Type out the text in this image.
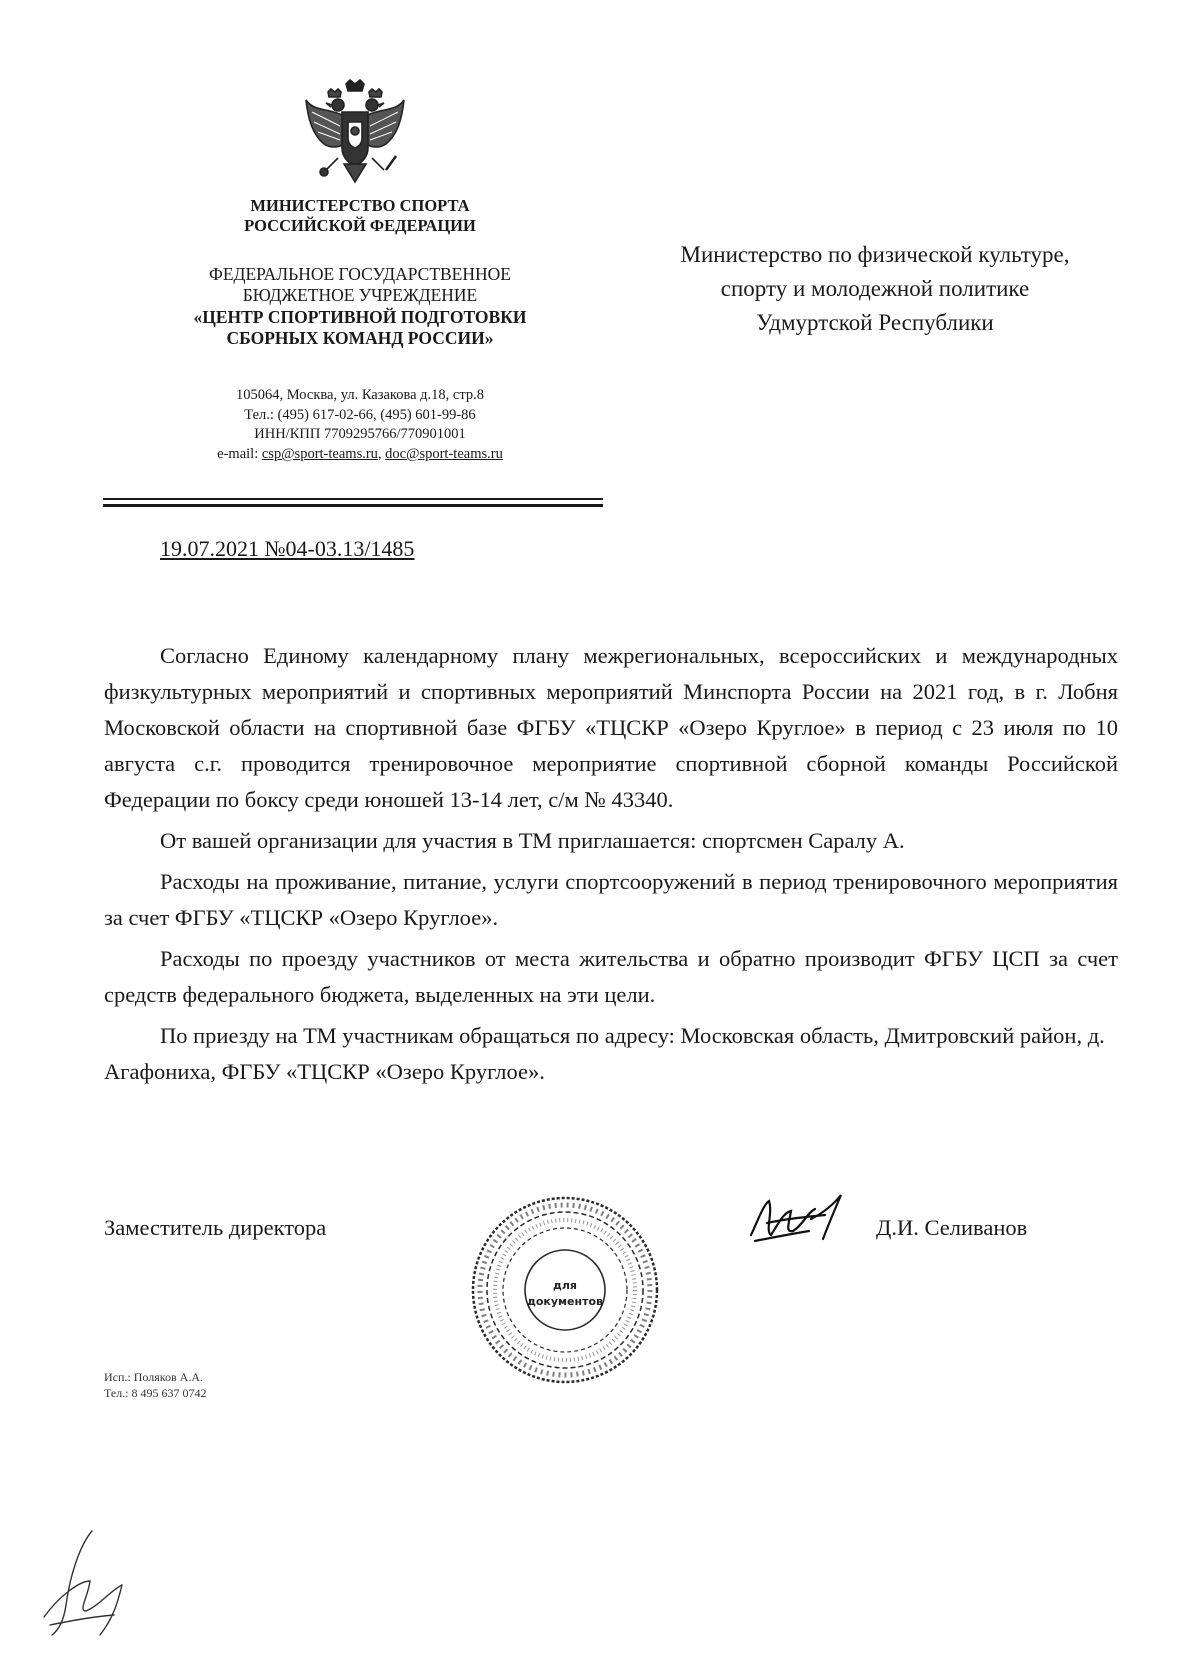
МИНИСТЕРСТВО СПОРТА
РОССИЙСКОЙ ФЕДЕРАЦИИ
ФЕДЕРАЛЬНОЕ ГОСУДАРСТВЕННОЕ
БЮДЖЕТНОЕ УЧРЕЖДЕНИЕ
«ЦЕНТР СПОРТИВНОЙ ПОДГОТОВКИ
СБОРНЫХ КОМАНД РОССИИ»
105064, Москва, ул. Казакова д.18, стр.8
Тел.: (495) 617-02-66, (495) 601-99-86
ИНН/КПП 7709295766/770901001
e-mail: csp@sport-teams.ru, doc@sport-teams.ru
Министерство по физической культуре,
спорту и молодежной политике
Удмуртской Республики
19.07.2021 №04-03.13/1485

Согласно Единому календарному плану межрегиональных, всероссийских и международных физкультурных мероприятий и спортивных мероприятий Минспорта России на 2021 год, в г. Лобня Московской области на спортивной базе ФГБУ «ТЦСКР «Озеро Круглое» в период с 23 июля по 10 августа с.г. проводится тренировочное мероприятие спортивной сборной команды Российской Федерации по боксу среди юношей 13-14 лет, с/м № 43340.

От вашей организации для участия в ТМ приглашается: спортсмен Саралу А.

Расходы на проживание, питание, услуги спортсооружений в период тренировочного мероприятия за счет ФГБУ «ТЦСКР «Озеро Круглое».

Расходы по проезду участников от места жительства и обратно производит ФГБУ ЦСП за счет средств федерального бюджета, выделенных на эти цели.

По приезду на ТМ участникам обращаться по адресу: Московская область, Дмитровский район, д. Агафониха, ФГБУ «ТЦСКР «Озеро Круглое».

Заместитель директора
для
документов
Д.И. Селиванов
Исп.: Поляков А.А.
Тел.: 8 495 637 0742
